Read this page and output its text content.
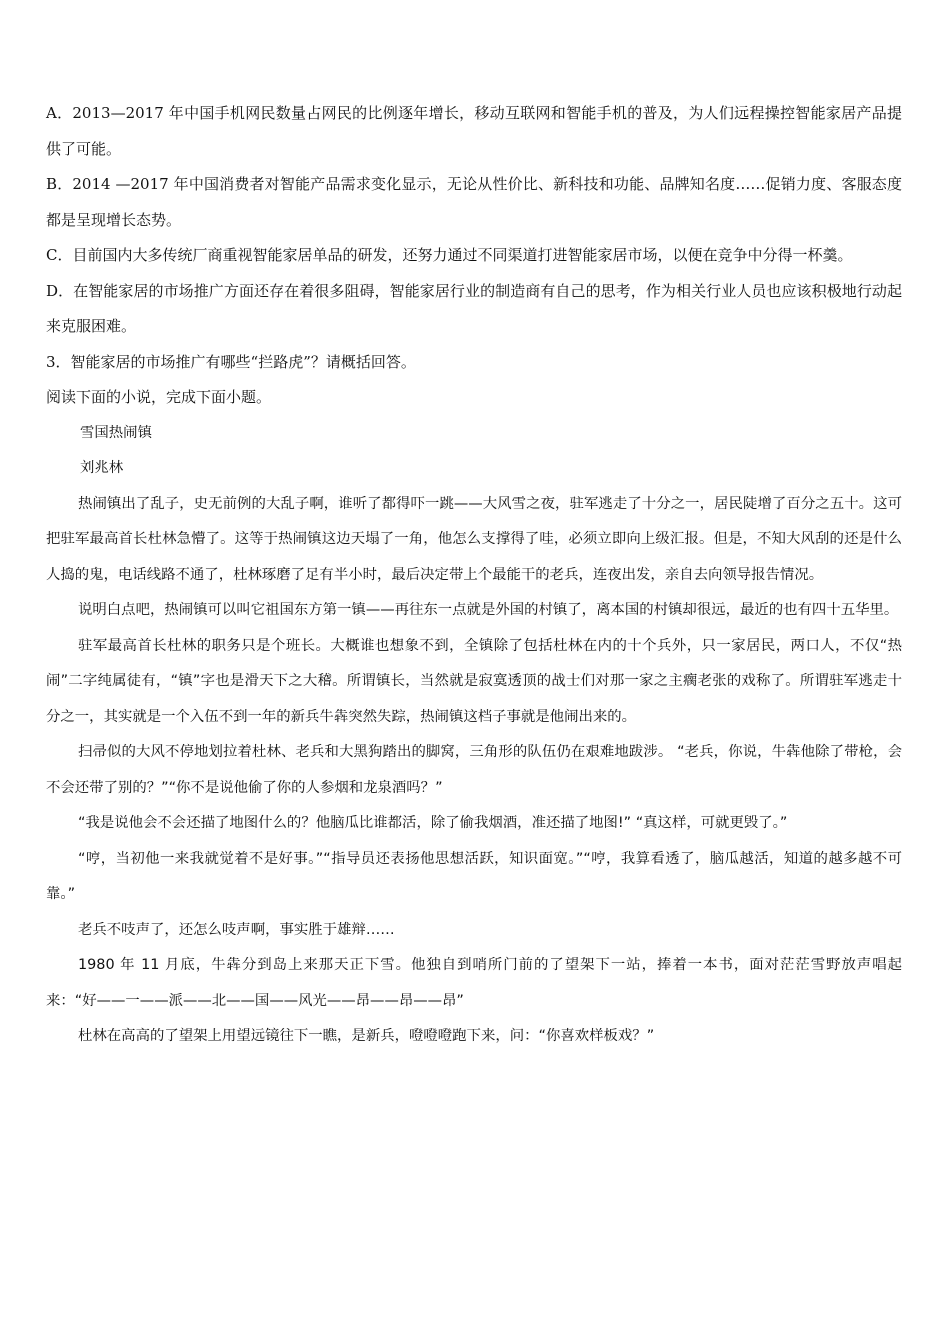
A．2013—2017 年中国手机网民数量占网民的比例逐年增长，移动互联网和智能手机的普及，为人们远程操控智能家居产品提供了可能。
B．2014 —2017 年中国消费者对智能产品需求变化显示，无论从性价比、新科技和功能、品牌知名度……促销力度、客服态度都是呈现增长态势。
C．目前国内大多传统厂商重视智能家居单品的研发，还努力通过不同渠道打进智能家居市场，以便在竞争中分得一杯羹。
D．在智能家居的市场推广方面还存在着很多阻碍，智能家居行业的制造商有自己的思考，作为相关行业人员也应该积极地行动起来克服困难。
3．智能家居的市场推广有哪些“拦路虎”？请概括回答。
阅读下面的小说，完成下面小题。
雪国热闹镇
刘兆林
热闹镇出了乱子，史无前例的大乱子啊，谁听了都得吓一跳——大风雪之夜，驻军逃走了十分之一，居民陡增了百分之五十。这可把驻军最高首长杜林急懵了。这等于热闹镇这边天塌了一角，他怎么支撑得了哇，必须立即向上级汇报。但是，不知大风刮的还是什么人捣的鬼，电话线路不通了，杜林琢磨了足有半小时，最后决定带上个最能干的老兵，连夜出发，亲自去向领导报告情况。
说明白点吧，热闹镇可以叫它祖国东方第一镇——再往东一点就是外国的村镇了，离本国的村镇却很远，最近的也有四十五华里。
驻军最高首长杜林的职务只是个班长。大概谁也想象不到，全镇除了包括杜林在内的十个兵外，只一家居民，两口人，不仅“热闹”二字纯属徒有，“镇”字也是滑天下之大稽。所谓镇长，当然就是寂寞透顶的战士们对那一家之主瘸老张的戏称了。所谓驻军逃走十分之一，其实就是一个入伍不到一年的新兵牛犇突然失踪，热闹镇这档子事就是他闹出来的。
扫帚似的大风不停地划拉着杜林、老兵和大黑狗踏出的脚窝，三角形的队伍仍在艰难地跋涉。 “老兵，你说，牛犇他除了带枪，会不会还带了别的？”“你不是说他偷了你的人参烟和龙泉酒吗？”
“我是说他会不会还描了地图什么的？他脑瓜比谁都活，除了偷我烟酒，准还描了地图!” “真这样，可就更毁了。”
“哼，当初他一来我就觉着不是好事。”“指导员还表扬他思想活跃，知识面宽。”“哼，我算看透了，脑瓜越活，知道的越多越不可靠。”
老兵不吱声了，还怎么吱声啊，事实胜于雄辩……
1980 年 11 月底，牛犇分到岛上来那天正下雪。他独自到哨所门前的了望架下一站，捧着一本书，面对茫茫雪野放声唱起来：“好——一——派——北——国——风光——昂——昂——昂”
杜林在高高的了望架上用望远镜往下一瞧，是新兵，噔噔噔跑下来，问：“你喜欢样板戏？”
